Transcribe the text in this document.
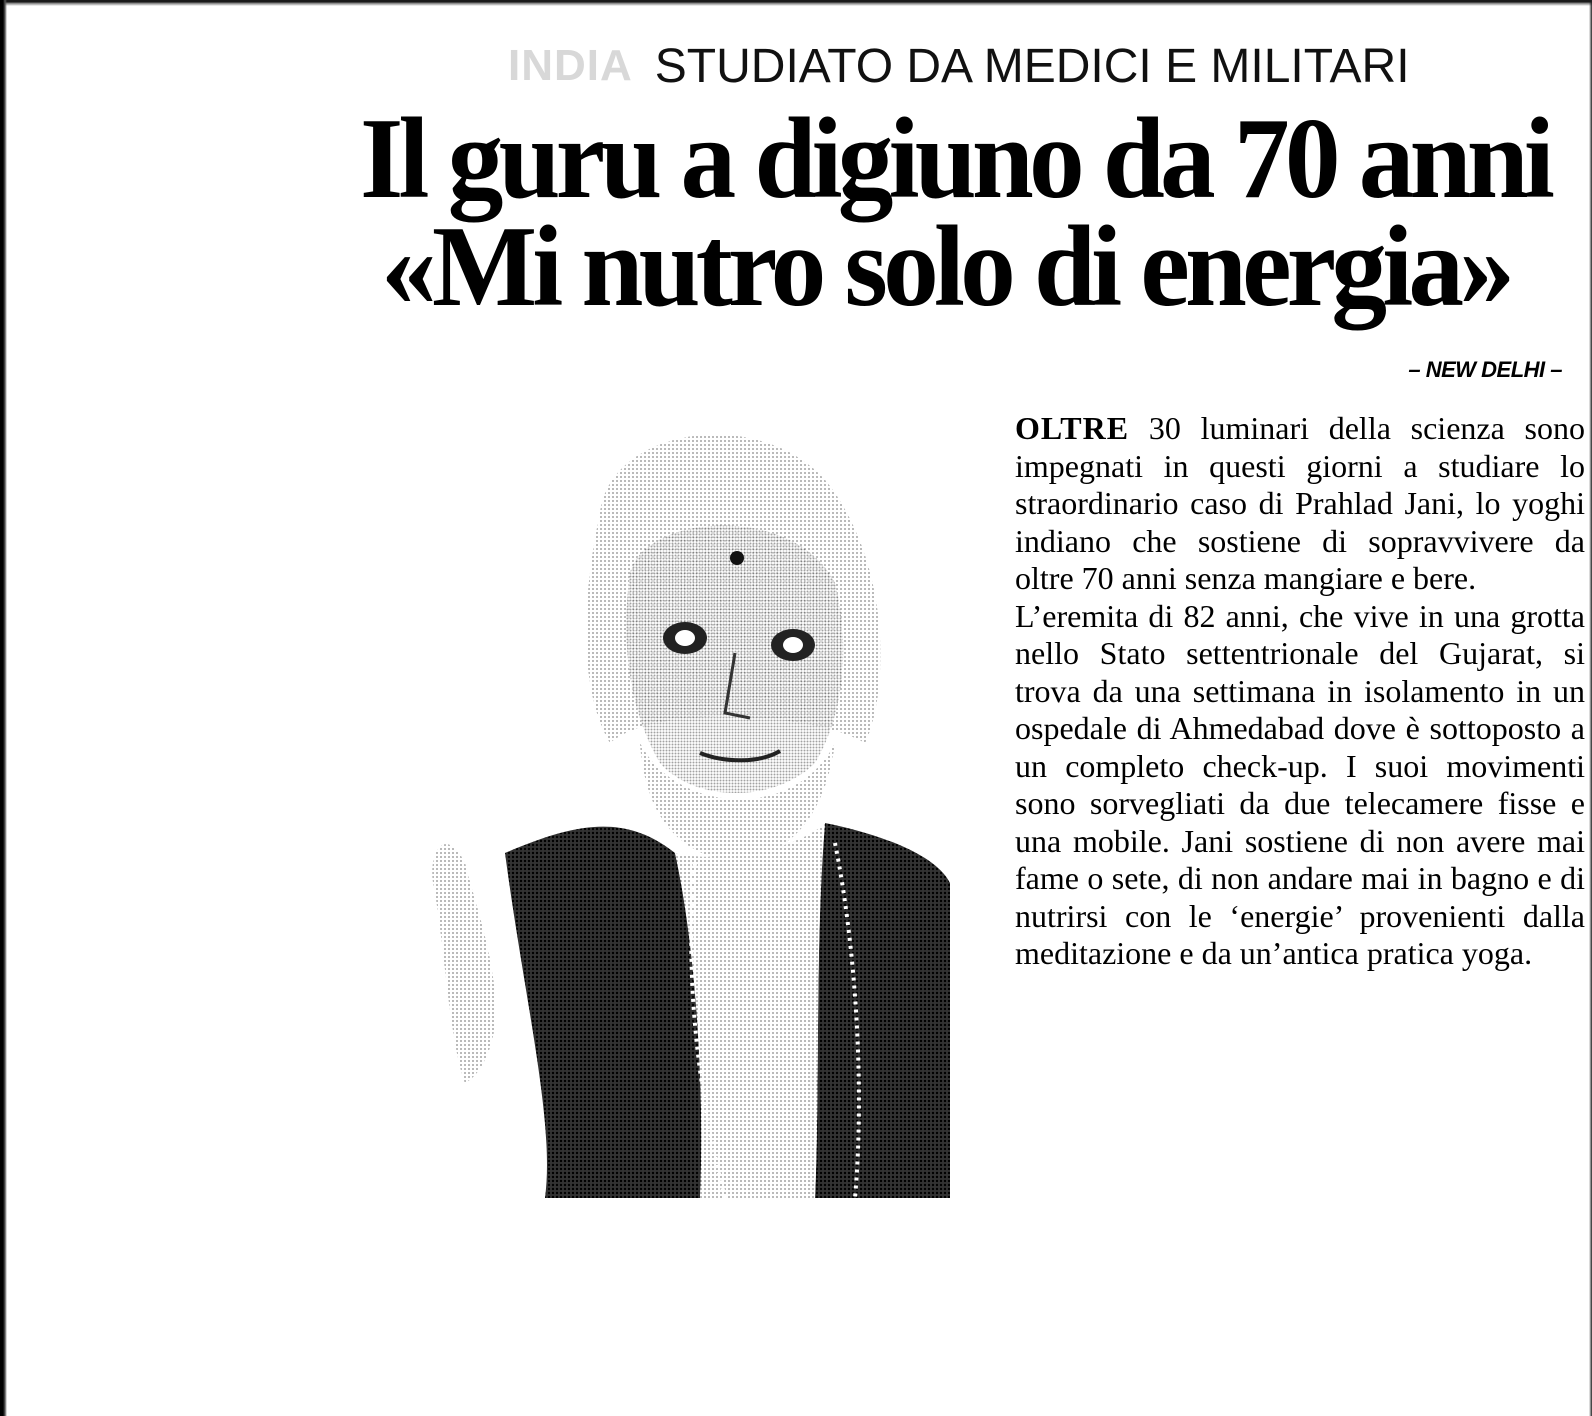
INDIA STUDIATO DA MEDICI E MILITARI
Il guru a digiuno da 70 anni
«Mi nutro solo di energia»
– NEW DELHI –

OLTRE 30 luminari della scienza sono impegnati in questi giorni a studiare lo straordinario caso di Prahlad Jani, lo yoghi indiano che sostiene di sopravvivere da oltre 70 anni senza mangiare e bere.

L’eremita di 82 anni, che vive in una grotta nello Stato settentrionale del Gujarat, si trova da una settimana in isolamento in un ospedale di Ahmedabad dove è sottoposto a un completo check-up. I suoi movimenti sono sorvegliati da due telecamere fisse e una mobile. Jani sostiene di non avere mai fame o sete, di non andare mai in bagno e di nutrirsi con le ‘energie’ provenienti dalla meditazione e da un’antica pratica yoga.
